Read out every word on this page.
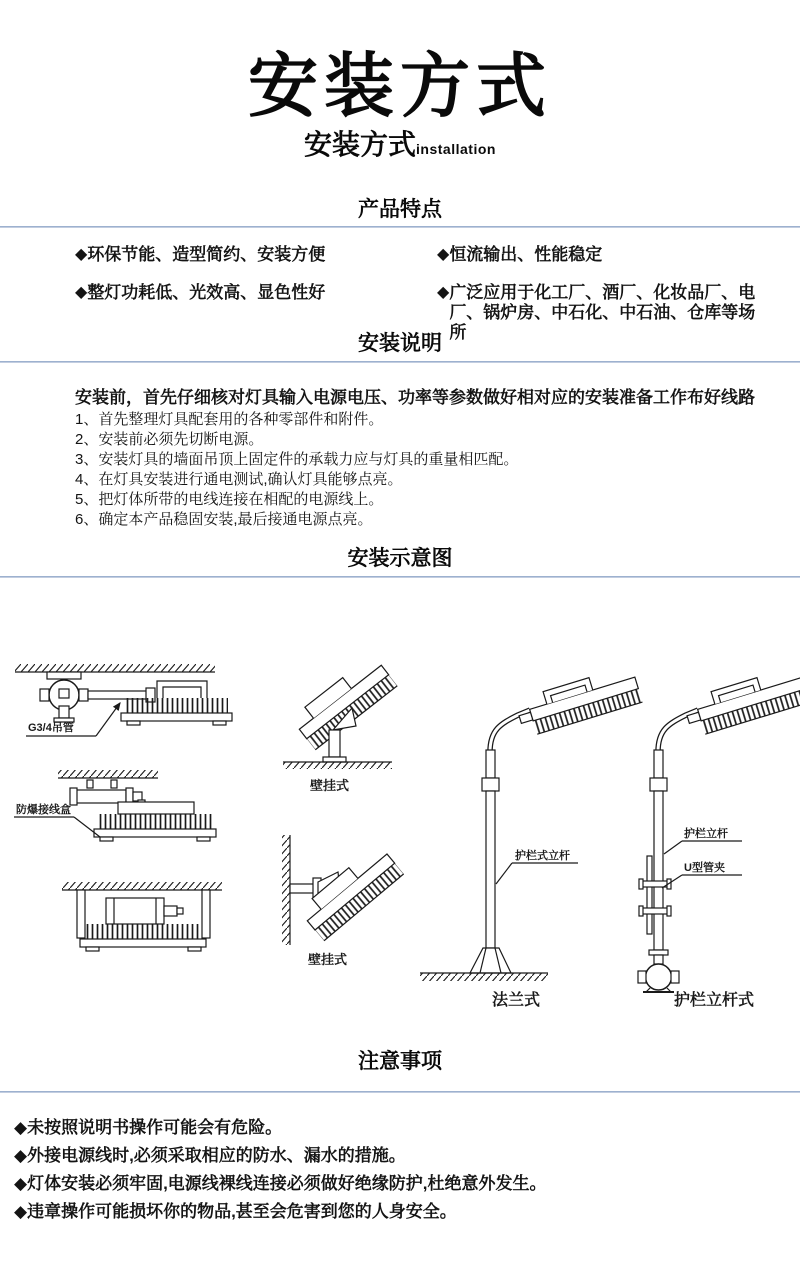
安装方式
安装方式installation
产品特点
◆ 环保节能、造型简约、安装方便
◆ 整灯功耗低、光效高、显色性好
◆ 恒流输出、性能稳定
◆ 广泛应用于化工厂、酒厂、化妆品厂、电厂、锅炉房、中石化、中石油、仓库等场所
安装说明
安装前，首先仔细核对灯具输入电源电压、功率等参数做好相对应的安装准备工作布好线路
1、首先整理灯具配套用的各种零部件和附件。
2、安装前必须先切断电源。
3、安装灯具的墙面吊顶上固定件的承载力应与灯具的重量相匹配。
4、在灯具安装进行通电测试,确认灯具能够点亮。
5、把灯体所带的电线连接在相配的电源线上。
6、确定本产品稳固安装,最后接通电源点亮。
安装示意图
G3/4吊管
防爆接线盒
壁挂式
壁挂式
护栏式立杆
法兰式
护栏立杆
U型管夹
护栏立杆式
注意事项
◆ 未按照说明书操作可能会有危险。
◆ 外接电源线时,必须采取相应的防水、漏水的措施。
◆ 灯体安装必须牢固,电源线裸线连接必须做好绝缘防护,杜绝意外发生。
◆ 违章操作可能损坏你的物品,甚至会危害到您的人身安全。
